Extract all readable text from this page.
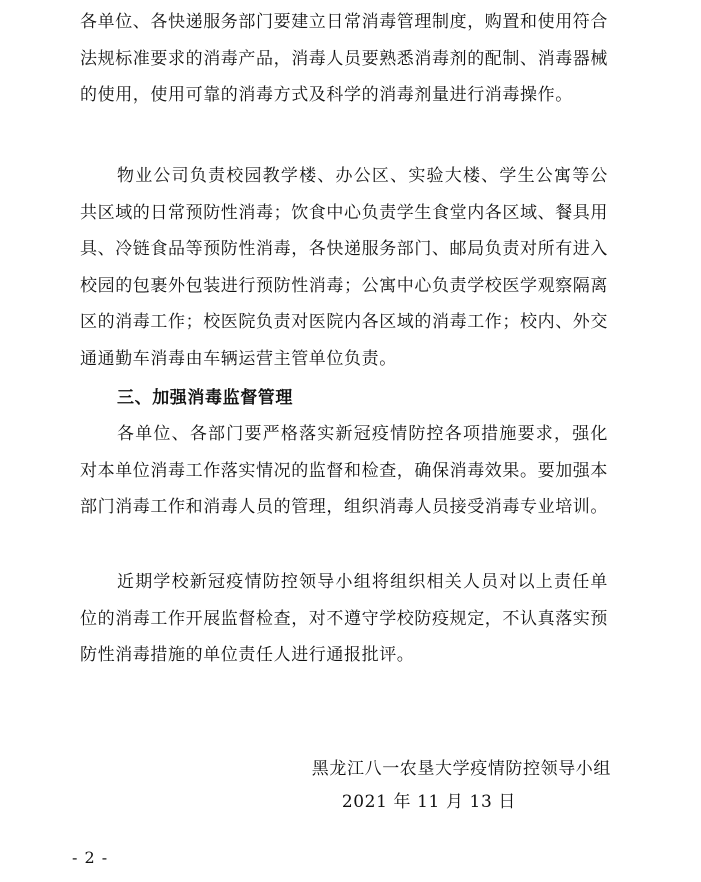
各单位、各快递服务部门要建立日常消毒管理制度，购置和使用符合法规标准要求的消毒产品，消毒人员要熟悉消毒剂的配制、消毒器械的使用，使用可靠的消毒方式及科学的消毒剂量进行消毒操作。

物业公司负责校园教学楼、办公区、实验大楼、学生公寓等公共区域的日常预防性消毒；饮食中心负责学生食堂内各区域、餐具用具、冷链食品等预防性消毒，各快递服务部门、邮局负责对所有进入校园的包裹外包装进行预防性消毒；公寓中心负责学校医学观察隔离区的消毒工作；校医院负责对医院内各区域的消毒工作；校内、外交通通勤车消毒由车辆运营主管单位负责。

三、加强消毒监督管理

各单位、各部门要严格落实新冠疫情防控各项措施要求，强化对本单位消毒工作落实情况的监督和检查，确保消毒效果。要加强本部门消毒工作和消毒人员的管理，组织消毒人员接受消毒专业培训。

近期学校新冠疫情防控领导小组将组织相关人员对以上责任单位的消毒工作开展监督检查，对不遵守学校防疫规定，不认真落实预防性消毒措施的单位责任人进行通报批评。

黑龙江八一农垦大学疫情防控领导小组

2021 年 11 月 13 日

- 2 -
